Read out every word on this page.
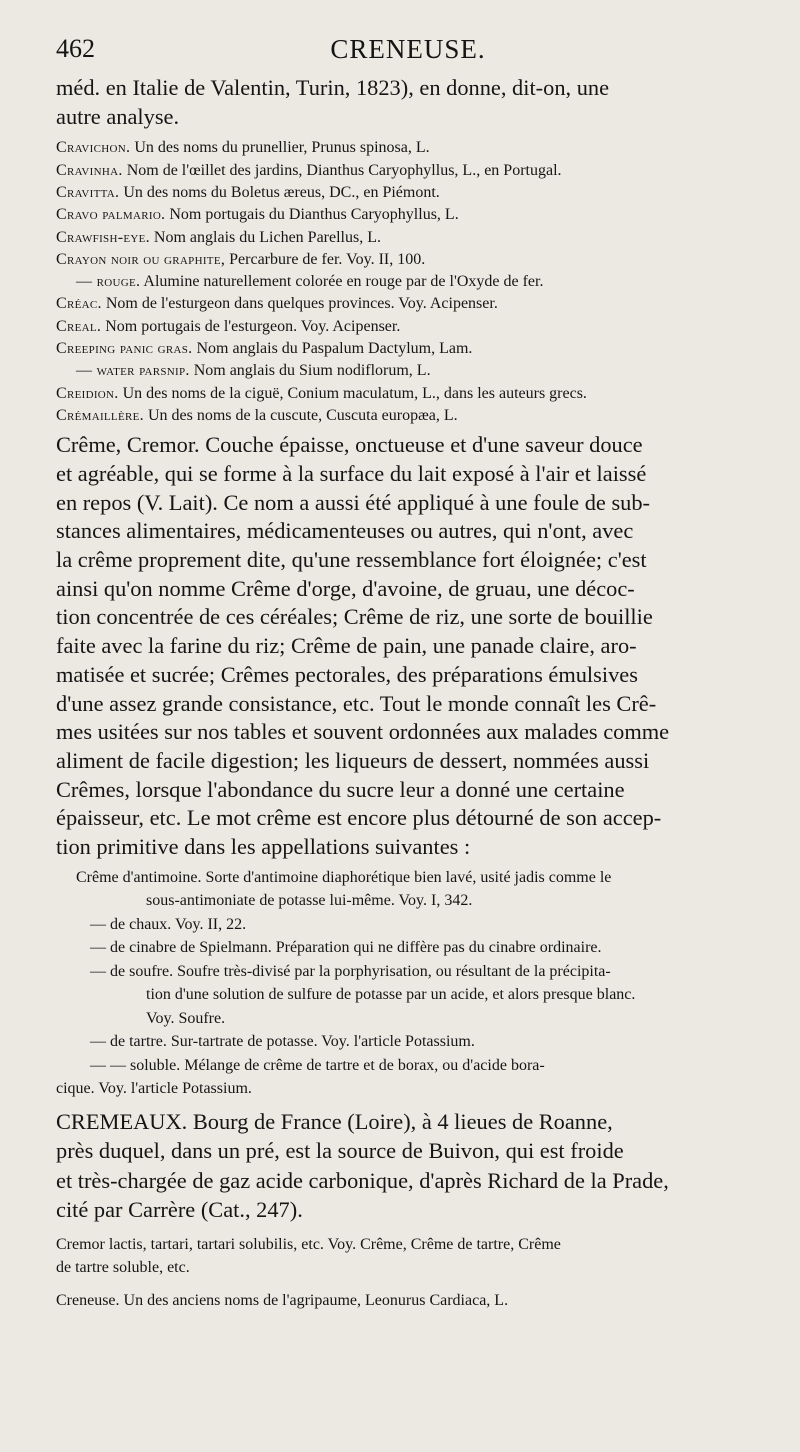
462	CRENEUSE.
méd. en Italie de Valentin, Turin, 1823), en donne, dit-on, une
autre analyse.
Cravichon. Un des noms du prunellier, Prunus spinosa, L.
Cravinha. Nom de l'œillet des jardins, Dianthus Caryophyllus, L., en Portugal.
Cravitta. Un des noms du Boletus æreus, DC., en Piémont.
Cravo palmario. Nom portugais du Dianthus Caryophyllus, L.
Crawfish-eye. Nom anglais du Lichen Parellus, L.
Crayon noir ou graphite, Percarbure de fer. Voy. II, 100.
— rouge. Alumine naturellement colorée en rouge par de l'Oxyde de fer.
Créac. Nom de l'esturgeon dans quelques provinces. Voy. Acipenser.
Creal. Nom portugais de l'esturgeon. Voy. Acipenser.
Creeping panic gras. Nom anglais du Paspalum Dactylum, Lam.
— water parsnip. Nom anglais du Sium nodiflorum, L.
Creidion. Un des noms de la ciguë, Conium maculatum, L., dans les auteurs grecs.
Crémaillère. Un des noms de la cuscute, Cuscuta europæa, L.

Crême, Cremor. Couche épaisse, onctueuse et d'une saveur douce

et agréable, qui se forme à la surface du lait exposé à l'air et laissé

en repos (V. Lait). Ce nom a aussi été appliqué à une foule de sub-

stances alimentaires, médicamenteuses ou autres, qui n'ont, avec

la crême proprement dite, qu'une ressemblance fort éloignée; c'est

ainsi qu'on nomme Crême d'orge, d'avoine, de gruau, une décoc-

tion concentrée de ces céréales; Crême de riz, une sorte de bouillie

faite avec la farine du riz; Crême de pain, une panade claire, aro-

matisée et sucrée; Crêmes pectorales, des préparations émulsives

d'une assez grande consistance, etc. Tout le monde connaît les Crê-

mes usitées sur nos tables et souvent ordonnées aux malades comme

aliment de facile digestion; les liqueurs de dessert, nommées aussi

Crêmes, lorsque l'abondance du sucre leur a donné une certaine

épaisseur, etc. Le mot crême est encore plus détourné de son accep-

tion primitive dans les appellations suivantes :

Crême d'antimoine. Sorte d'antimoine diaphorétique bien lavé, usité jadis comme le
sous-antimoniate de potasse lui-même. Voy. I, 342.
— de chaux. Voy. II, 22.
— de cinabre de Spielmann. Préparation qui ne diffère pas du cinabre ordinaire.
— de soufre. Soufre très-divisé par la porphyrisation, ou résultant de la précipita-
tion d'une solution de sulfure de potasse par un acide, et alors presque blanc.
Voy. Soufre.
— de tartre. Sur-tartrate de potasse. Voy. l'article Potassium.
— — soluble. Mélange de crême de tartre et de borax, ou d'acide bora-
cique. Voy. l'article Potassium.

CREMEAUX. Bourg de France (Loire), à 4 lieues de Roanne,

près duquel, dans un pré, est la source de Buivon, qui est froide

et très-chargée de gaz acide carbonique, d'après Richard de la Prade,

cité par Carrère (Cat., 247).

Cremor lactis, tartari, tartari solubilis, etc. Voy. Crême, Crême de tartre, Crême
de tartre soluble, etc.
Creneuse. Un des anciens noms de l'agripaume, Leonurus Cardiaca, L.
